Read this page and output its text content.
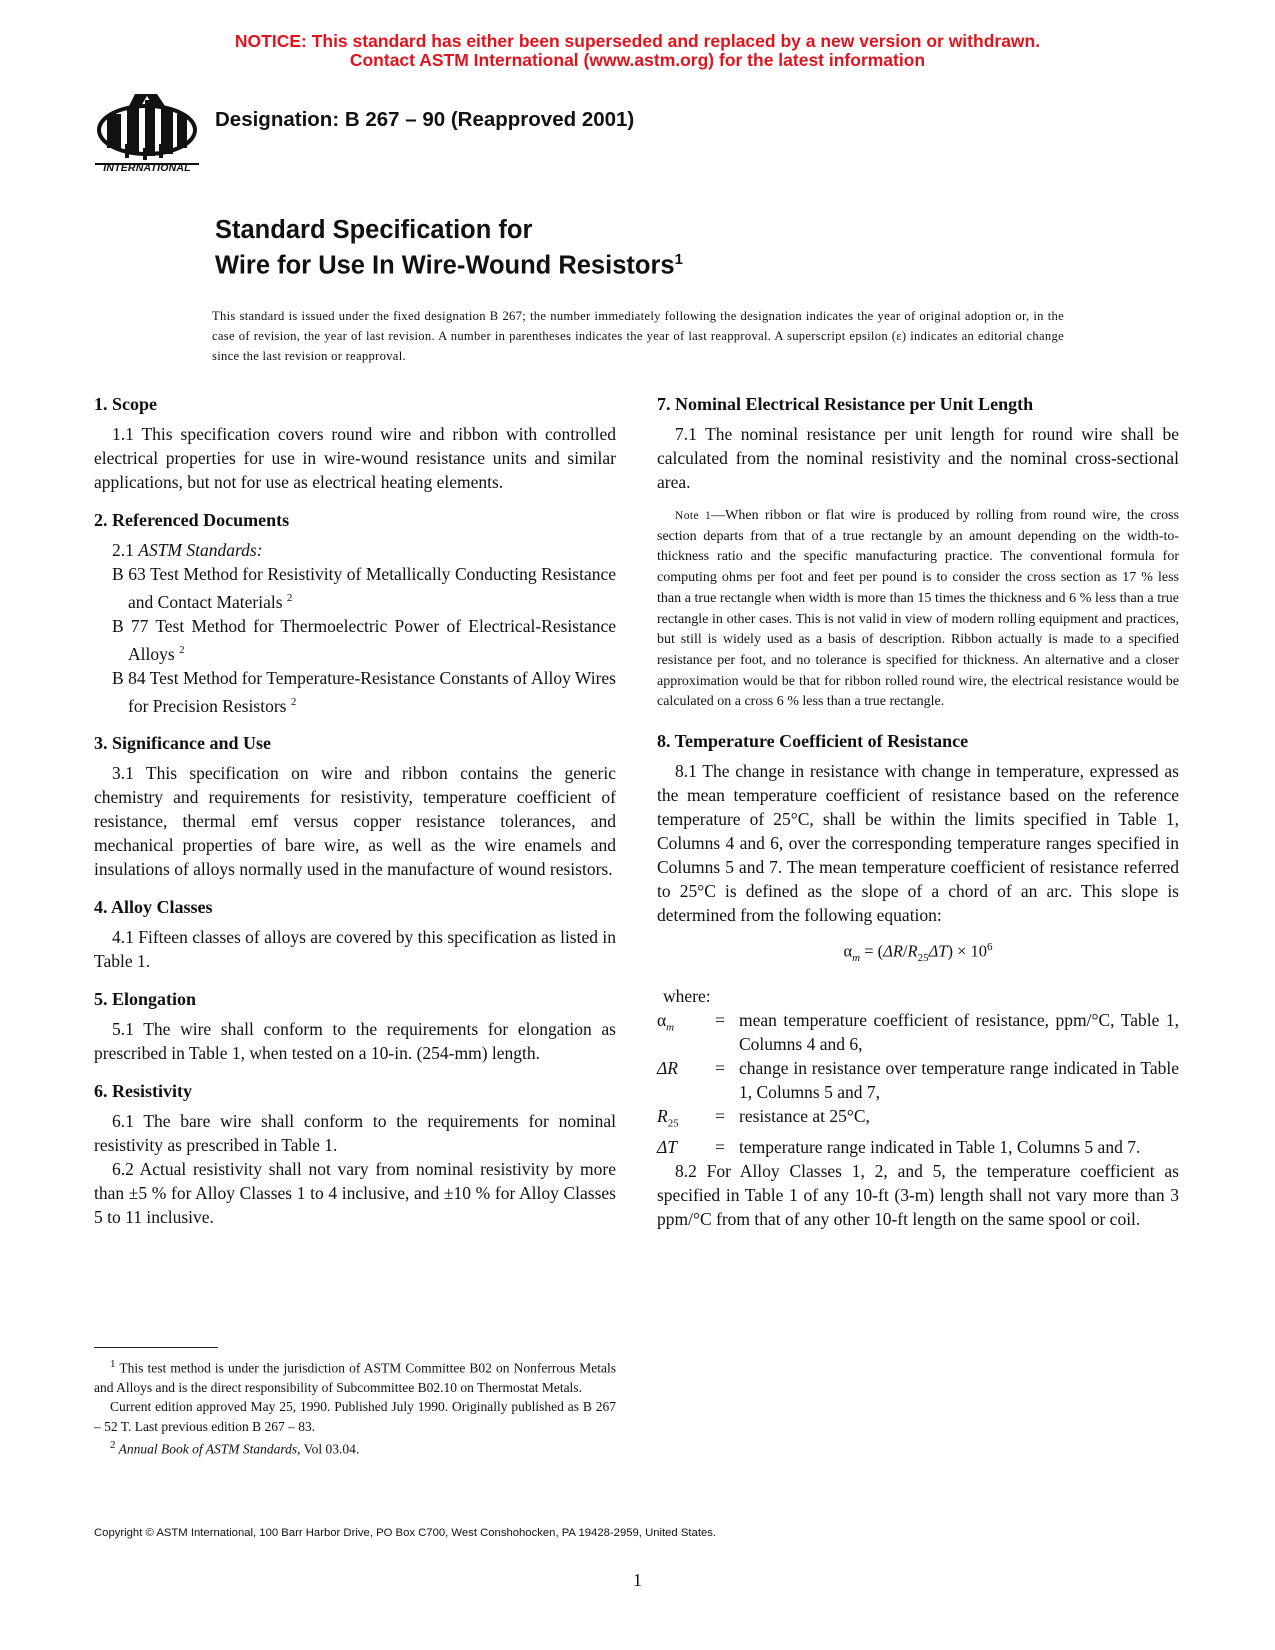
NOTICE: This standard has either been superseded and replaced by a new version or withdrawn.
Contact ASTM International (www.astm.org) for the latest information
INTERNATIONAL
Designation: B 267 – 90 (Reapproved 2001)
Standard Specification for
Wire for Use In Wire-Wound Resistors$^1$
This standard is issued under the fixed designation B 267; the number immediately following the designation indicates the year of original adoption or, in the case of revision, the year of last revision. A number in parentheses indicates the year of last reapproval. A superscript epsilon (ε) indicates an editorial change since the last revision or reapproval.
1. Scope

1.1 This specification covers round wire and ribbon with controlled electrical properties for use in wire-wound resistance units and similar applications, but not for use as electrical heating elements.

2. Referenced Documents

2.1 ASTM Standards:

B 63 Test Method for Resistivity of Metallically Conducting Resistance and Contact Materials $^2$
B 77 Test Method for Thermoelectric Power of Electrical-Resistance Alloys $^2$
B 84 Test Method for Temperature-Resistance Constants of Alloy Wires for Precision Resistors $^2$
3. Significance and Use

3.1 This specification on wire and ribbon contains the generic chemistry and requirements for resistivity, temperature coefficient of resistance, thermal emf versus copper resistance tolerances, and mechanical properties of bare wire, as well as the wire enamels and insulations of alloys normally used in the manufacture of wound resistors.

4. Alloy Classes

4.1 Fifteen classes of alloys are covered by this specification as listed in Table 1.

5. Elongation

5.1 The wire shall conform to the requirements for elongation as prescribed in Table 1, when tested on a 10-in. (254-mm) length.

6. Resistivity

6.1 The bare wire shall conform to the requirements for nominal resistivity as prescribed in Table 1.

6.2 Actual resistivity shall not vary from nominal resistivity by more than ±5 % for Alloy Classes 1 to 4 inclusive, and ±10 % for Alloy Classes 5 to 11 inclusive.

7. Nominal Electrical Resistance per Unit Length

7.1 The nominal resistance per unit length for round wire shall be calculated from the nominal resistivity and the nominal cross-sectional area.

Note 1—When ribbon or flat wire is produced by rolling from round wire, the cross section departs from that of a true rectangle by an amount depending on the width-to-thickness ratio and the specific manufacturing practice. The conventional formula for computing ohms per foot and feet per pound is to consider the cross section as 17 % less than a true rectangle when width is more than 15 times the thickness and 6 % less than a true rectangle in other cases. This is not valid in view of modern rolling equipment and practices, but still is widely used as a basis of description. Ribbon actually is made to a specified resistance per foot, and no tolerance is specified for thickness. An alternative and a closer approximation would be that for ribbon rolled round wire, the electrical resistance would be calculated on a cross 6 % less than a true rectangle.
8. Temperature Coefficient of Resistance

8.1 The change in resistance with change in temperature, expressed as the mean temperature coefficient of resistance based on the reference temperature of 25°C, shall be within the limits specified in Table 1, Columns 4 and 6, over the corresponding temperature ranges specified in Columns 5 and 7. The mean temperature coefficient of resistance referred to 25°C is defined as the slope of a chord of an arc. This slope is determined from the following equation:

$\alpha_m = (\Delta R/R_{25}\Delta T) \times 10^6$
where:
$\alpha_m$	= mean temperature coefficient of resistance, ppm/°C, Table 1, Columns 4 and 6,
ΔR	= change in resistance over temperature range indicated in Table 1, Columns 5 and 7,
$R_{25}$	= resistance at 25°C,
ΔT	= temperature range indicated in Table 1, Columns 5 and 7.

8.2 For Alloy Classes 1, 2, and 5, the temperature coefficient as specified in Table 1 of any 10-ft (3-m) length shall not vary more than 3 ppm/°C from that of any other 10-ft length on the same spool or coil.

$^1$ This test method is under the jurisdiction of ASTM Committee B02 on Nonferrous Metals and Alloys and is the direct responsibility of Subcommittee B02.10 on Thermostat Metals.

Current edition approved May 25, 1990. Published July 1990. Originally published as B 267 – 52 T. Last previous edition B 267 – 83.

$^2$ Annual Book of ASTM Standards, Vol 03.04.

Copyright © ASTM International, 100 Barr Harbor Drive, PO Box C700, West Conshohocken, PA 19428-2959, United States.
1
